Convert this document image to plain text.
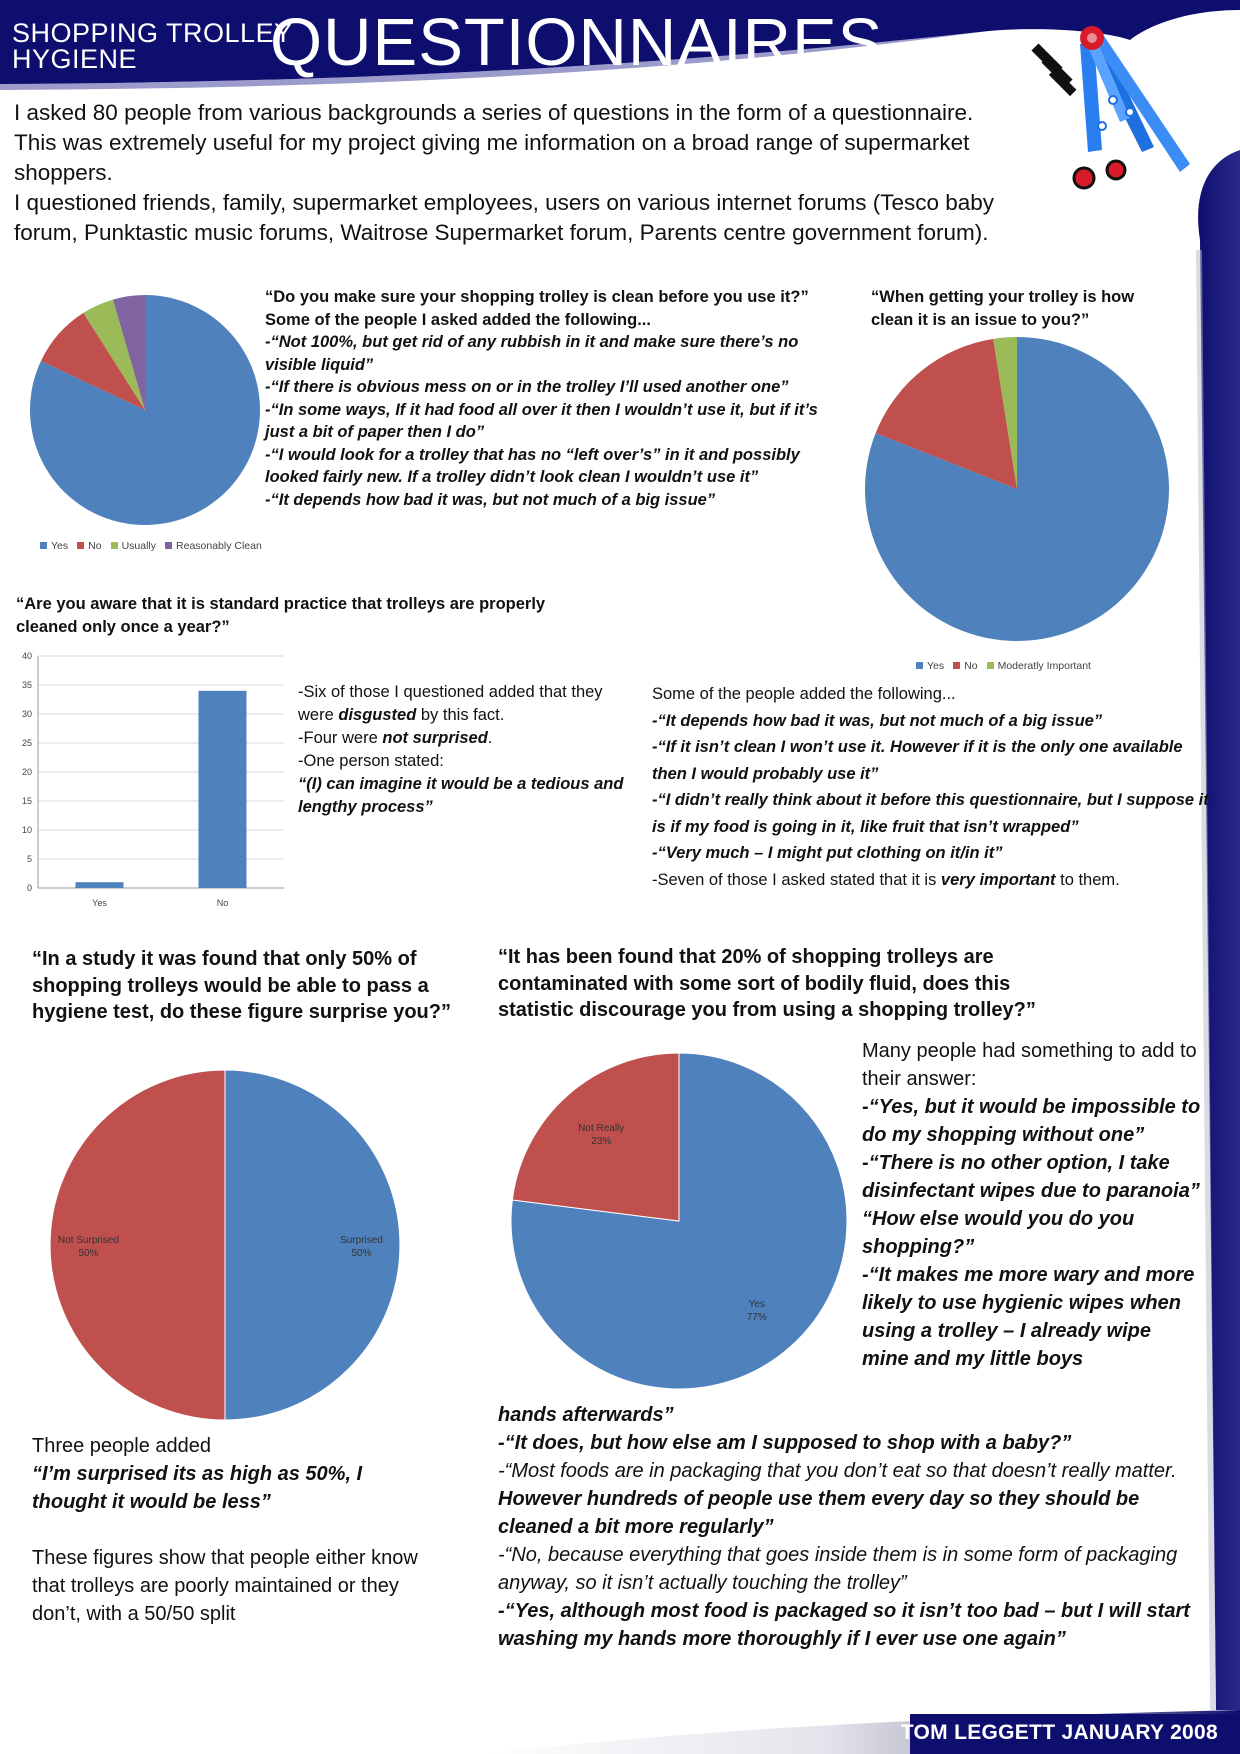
SHOPPING TROLLEY
HYGIENE	QUESTIONNAIRES
I asked 80 people from various backgrounds a series of questions in the form of a questionnaire.
This was extremely useful for my project giving me information on a broad range of supermarket shoppers.
I questioned friends, family, supermarket employees, users on various internet forums (Tesco baby forum, Punktastic music forums, Waitrose Supermarket forum, Parents centre government forum).
Yes No Usually Reasonably Clean
“Do you make sure your shopping trolley is clean before you use it?”
Some of the people I asked added the following...
-“Not 100%, but get rid of any rubbish in it and make sure there’s no visible liquid”
-“If there is obvious mess on or in the trolley I’ll used another one”
-“In some ways, If it had food all over it then I wouldn’t use it, but if it’s just a bit of paper then I do”
-“I would look for a trolley that has no “left over’s” in it and possibly looked fairly new. If a trolley didn’t look clean I wouldn’t use it”
-“It depends how bad it was, but not much of a big issue”
“When getting your trolley is how clean it is an issue to you?”
Yes No Moderatly Important
“Are you aware that it is standard practice that trolleys are properly cleaned only once a year?”
0
5
10
15
20
25
30
35
40
Yes	No
-Six of those I questioned added that they were disgusted by this fact.
-Four were not surprised.
-One person stated:
“(I) can imagine it would be a tedious and lengthy process”
Some of the people added the following...
-“It depends how bad it was, but not much of a big issue”
-“If it isn’t clean I won’t use it. However if it is the only one available then I would probably use it”
-“I didn’t really think about it before this questionnaire, but I suppose it is if my food is going in it, like fruit that isn’t wrapped”
-“Very much – I might put clothing on it/in it”
-Seven of those I asked stated that it is very important to them.
“In a study it was found that only 50% of shopping trolleys would be able to pass a hygiene test, do these figure surprise you?”
Surprised
50%
Not Surprised
50%
Three people added
“I’m surprised its as high as 50%, I thought it would be less”
These figures show that people either know that trolleys are poorly maintained or they don’t, with a 50/50 split
“It has been found that 20% of shopping trolleys are contaminated with some sort of bodily fluid, does this statistic discourage you from using a shopping trolley?”
Yes
77%
Not Really
23%
Many people had something to add to their answer:
-“Yes, but it would be impossible to do my shopping without one”
-“There is no other option, I take disinfectant wipes due to paranoia”
“How else would you do you shopping?”
-“It makes me more wary and more likely to use hygienic wipes when using a trolley – I already wipe mine and my little boys
hands afterwards”
-“It does, but how else am I supposed to shop with a baby?”
-“Most foods are in packaging that you don’t eat so that doesn’t really matter. However hundreds of people use them every day so they should be cleaned a bit more regularly”
-“No, because everything that goes inside them is in some form of packaging anyway, so it isn’t actually touching the trolley”
-“Yes, although most food is packaged so it isn’t too bad – but I will start washing my hands more thoroughly if I ever use one again”
TOM LEGGETT JANUARY 2008
